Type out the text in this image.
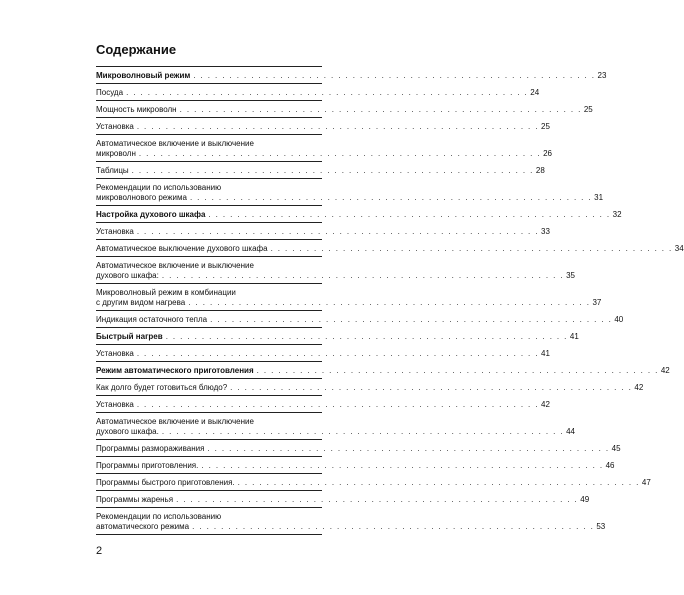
Содержание
Микроволновый режим . . . . . . . . . . . . . . . . . . . . . . . . . . . . . . . . . . . . . . . . . . . . . . . . . . . . . . . . 23
Посуда . . . . . . . . . . . . . . . . . . . . . . . . . . . . . . . . . . . . . . . . . . . . . . . . . . . . . . . . 24
Мощность микроволн . . . . . . . . . . . . . . . . . . . . . . . . . . . . . . . . . . . . . . . . . . . . . . . . . . . . . . . . 25
Установка . . . . . . . . . . . . . . . . . . . . . . . . . . . . . . . . . . . . . . . . . . . . . . . . . . . . . . . . 25
Автоматическое включение и выключение
микроволн . . . . . . . . . . . . . . . . . . . . . . . . . . . . . . . . . . . . . . . . . . . . . . . . . . . . . . . . 26
Таблицы . . . . . . . . . . . . . . . . . . . . . . . . . . . . . . . . . . . . . . . . . . . . . . . . . . . . . . . . 28
Рекомендации по использованию
микроволнового режима . . . . . . . . . . . . . . . . . . . . . . . . . . . . . . . . . . . . . . . . . . . . . . . . . . . . . . . . 31
Настройка духового шкафа . . . . . . . . . . . . . . . . . . . . . . . . . . . . . . . . . . . . . . . . . . . . . . . . . . . . . . . . 32
Установка . . . . . . . . . . . . . . . . . . . . . . . . . . . . . . . . . . . . . . . . . . . . . . . . . . . . . . . . 33
Автоматическое выключение духового шкафа . . . . . . . . . . . . . . . . . . . . . . . . . . . . . . . . . . . . . . . . . . . . . . . . . . . . . . . . 34
Автоматическое включение и выключение
духового шкафа: . . . . . . . . . . . . . . . . . . . . . . . . . . . . . . . . . . . . . . . . . . . . . . . . . . . . . . . . 35
Микроволновый режим в комбинации
с другим видом нагрева . . . . . . . . . . . . . . . . . . . . . . . . . . . . . . . . . . . . . . . . . . . . . . . . . . . . . . . . 37
Индикация остаточного тепла . . . . . . . . . . . . . . . . . . . . . . . . . . . . . . . . . . . . . . . . . . . . . . . . . . . . . . . . 40
Быстрый нагрев . . . . . . . . . . . . . . . . . . . . . . . . . . . . . . . . . . . . . . . . . . . . . . . . . . . . . . . . 41
Установка . . . . . . . . . . . . . . . . . . . . . . . . . . . . . . . . . . . . . . . . . . . . . . . . . . . . . . . . 41
Режим автоматического приготовления . . . . . . . . . . . . . . . . . . . . . . . . . . . . . . . . . . . . . . . . . . . . . . . . . . . . . . . . 42
Как долго будет готовиться блюдо? . . . . . . . . . . . . . . . . . . . . . . . . . . . . . . . . . . . . . . . . . . . . . . . . . . . . . . . . 42
Установка . . . . . . . . . . . . . . . . . . . . . . . . . . . . . . . . . . . . . . . . . . . . . . . . . . . . . . . . 42
Автоматическое включение и выключение
духового шкафа. . . . . . . . . . . . . . . . . . . . . . . . . . . . . . . . . . . . . . . . . . . . . . . . . . . . . . . . . 44
Программы размораживания . . . . . . . . . . . . . . . . . . . . . . . . . . . . . . . . . . . . . . . . . . . . . . . . . . . . . . . . 45
Программы приготовления. . . . . . . . . . . . . . . . . . . . . . . . . . . . . . . . . . . . . . . . . . . . . . . . . . . . . . . . . 46
Программы быстрого приготовления. . . . . . . . . . . . . . . . . . . . . . . . . . . . . . . . . . . . . . . . . . . . . . . . . . . . . . . . . 47
Программы жаренья . . . . . . . . . . . . . . . . . . . . . . . . . . . . . . . . . . . . . . . . . . . . . . . . . . . . . . . . 49
Рекомендации по использованию
автоматического режима . . . . . . . . . . . . . . . . . . . . . . . . . . . . . . . . . . . . . . . . . . . . . . . . . . . . . . . . 53
2
